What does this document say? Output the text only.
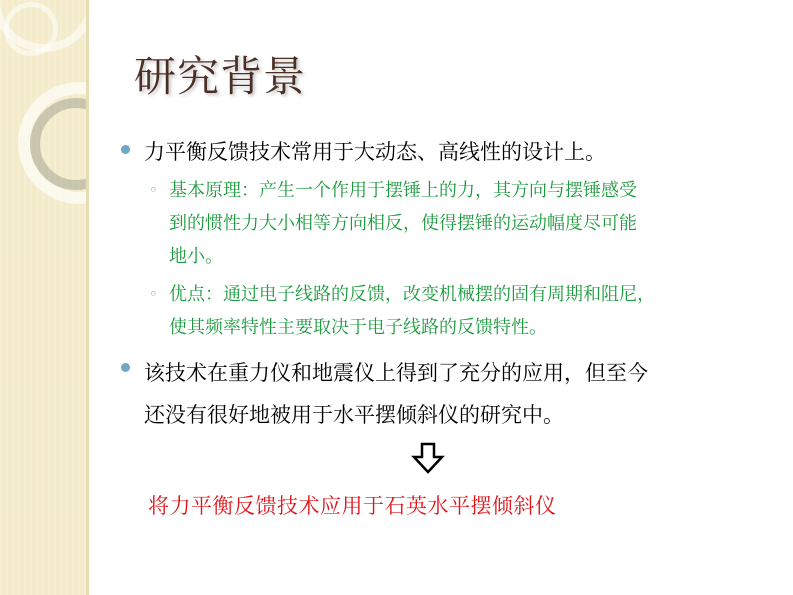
研究背景
力平衡反馈技术常用于大动态、高线性的设计上。
◦ 基本原理：产生一个作用于摆锤上的力，其方向与摆锤感受
到的惯性力大小相等方向相反，使得摆锤的运动幅度尽可能
地小。
◦ 优点：通过电子线路的反馈，改变机械摆的固有周期和阻尼，
使其频率特性主要取决于电子线路的反馈特性。
该技术在重力仪和地震仪上得到了充分的应用，但至今
还没有很好地被用于水平摆倾斜仪的研究中。
将力平衡反馈技术应用于石英水平摆倾斜仪
